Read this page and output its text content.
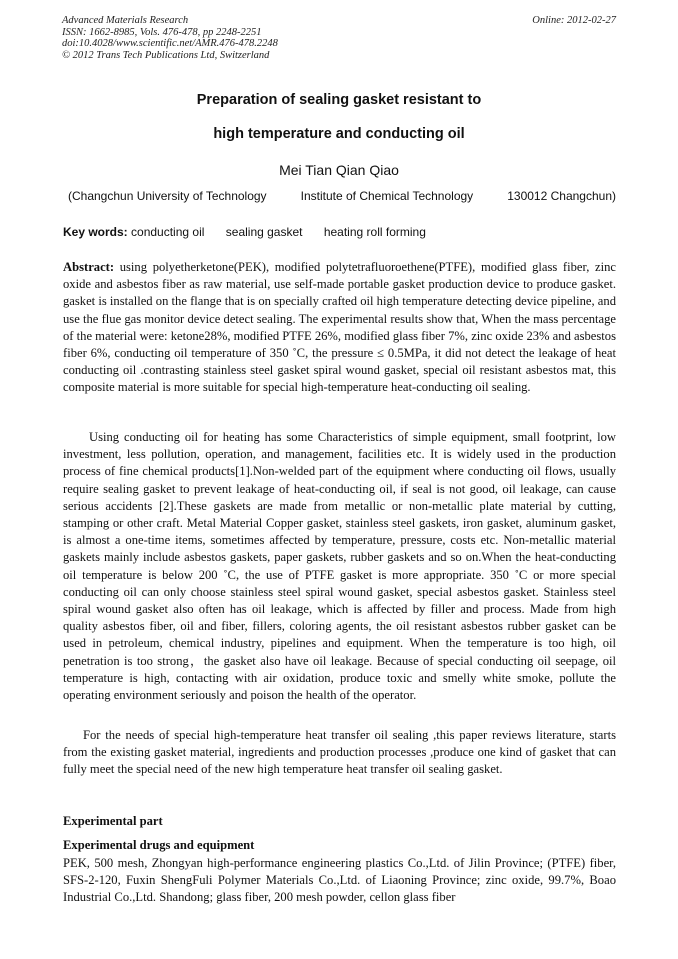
Advanced Materials Research
ISSN: 1662-8985, Vols. 476-478, pp 2248-2251
doi:10.4028/www.scientific.net/AMR.476-478.2248
© 2012 Trans Tech Publications Ltd, Switzerland
Online: 2012-02-27
Preparation of sealing gasket resistant to
high temperature and conducting oil
Mei Tian Qian Qiao
(Changchun University of Technology	Institute of Chemical Technology	130012 Changchun)
Key words: conducting oil sealing gasket heating roll forming

Abstract: using polyetherketone(PEK), modified polytetrafluoroethene(PTFE), modified glass fiber, zinc oxide and asbestos fiber as raw material, use self-made portable gasket production device to produce gasket. gasket is installed on the flange that is on specially crafted oil high temperature detecting device pipeline, and use the flue gas monitor device detect sealing. The experimental results show that, When the mass percentage of the material were: ketone28%, modified PTFE 26%, modified glass fiber 7%, zinc oxide 23% and asbestos fiber 6%, conducting oil temperature of 350 ˚C, the pressure ≤ 0.5MPa, it did not detect the leakage of heat conducting oil .contrasting stainless steel gasket spiral wound gasket, special oil resistant asbestos mat, this composite material is more suitable for special high-temperature heat-conducting oil sealing.

Using conducting oil for heating has some Characteristics of simple equipment, small footprint, low investment, less pollution, operation, and management, facilities etc. It is widely used in the production process of fine chemical products[1].Non-welded part of the equipment where conducting oil flows, usually require sealing gasket to prevent leakage of heat-conducting oil, if seal is not good, oil leakage, can cause serious accidents [2].These gaskets are made from metallic or non-metallic plate material by cutting, stamping or other craft. Metal Material Copper gasket, stainless steel gaskets, iron gasket, aluminum gasket, is almost a one-time items, sometimes affected by temperature, pressure, costs etc. Non-metallic material gaskets mainly include asbestos gaskets, paper gaskets, rubber gaskets and so on.When the heat-conducting oil temperature is below 200 ˚C, the use of PTFE gasket is more appropriate. 350 ˚C or more special conducting oil can only choose stainless steel spiral wound gasket, special asbestos gasket. Stainless steel spiral wound gasket also often has oil leakage, which is affected by filler and process. Made from high quality asbestos fiber, oil and fiber, fillers, coloring agents, the oil resistant asbestos rubber gasket can be used in petroleum, chemical industry, pipelines and equipment. When the temperature is too high, oil penetration is too strong，the gasket also have oil leakage. Because of special conducting oil seepage, oil temperature is high, contacting with air oxidation, produce toxic and smelly white smoke, pollute the operating environment seriously and poison the health of the operator.

For the needs of special high-temperature heat transfer oil sealing ,this paper reviews literature, starts from the existing gasket material, ingredients and production processes ,produce one kind of gasket that can fully meet the special need of the new high temperature heat transfer oil sealing gasket.

Experimental part
Experimental drugs and equipment

PEK, 500 mesh, Zhongyan high-performance engineering plastics Co.,Ltd. of Jilin Province; (PTFE) fiber, SFS-2-120, Fuxin ShengFuli Polymer Materials Co.,Ltd. of Liaoning Province; zinc oxide, 99.7%, Boao Industrial Co.,Ltd. Shandong; glass fiber, 200 mesh powder, cellon glass fiber
